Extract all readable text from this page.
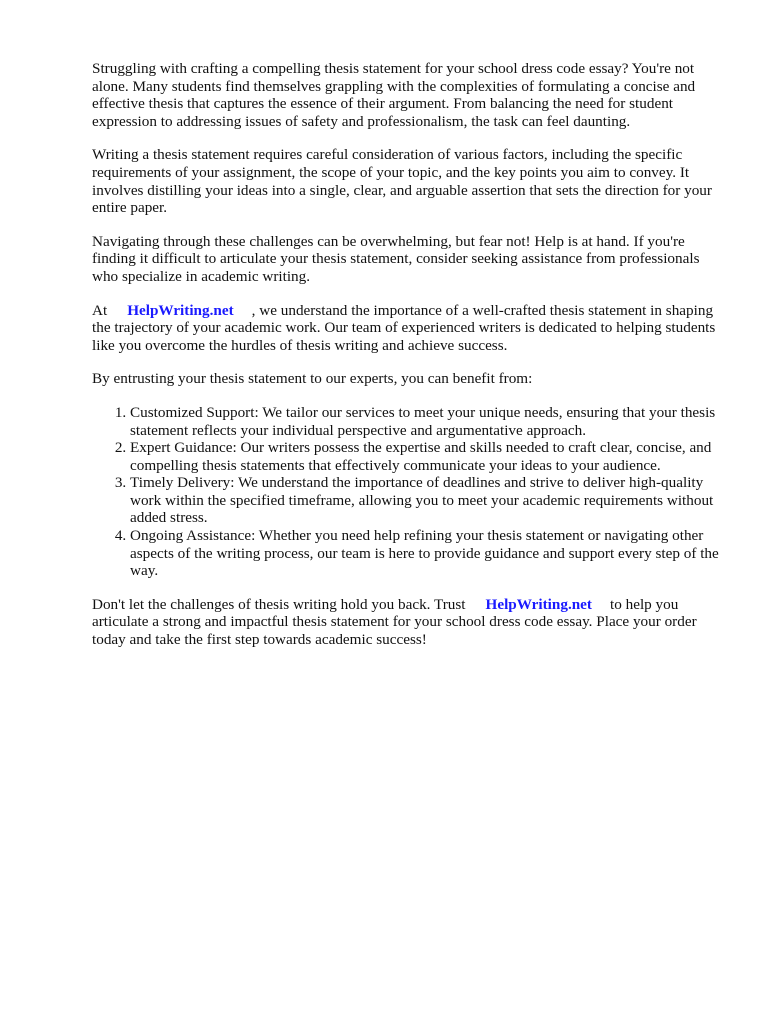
Struggling with crafting a compelling thesis statement for your school dress code essay? You're not alone. Many students find themselves grappling with the complexities of formulating a concise and effective thesis that captures the essence of their argument. From balancing the need for student expression to addressing issues of safety and professionalism, the task can feel daunting.

Writing a thesis statement requires careful consideration of various factors, including the specific requirements of your assignment, the scope of your topic, and the key points you aim to convey. It involves distilling your ideas into a single, clear, and arguable assertion that sets the direction for your entire paper.

Navigating through these challenges can be overwhelming, but fear not! Help is at hand. If you're finding it difficult to articulate your thesis statement, consider seeking assistance from professionals who specialize in academic writing.

At HelpWriting.net , we understand the importance of a well-crafted thesis statement in shaping the trajectory of your academic work. Our team of experienced writers is dedicated to helping students like you overcome the hurdles of thesis writing and achieve success.

By entrusting your thesis statement to our experts, you can benefit from:

1. Customized Support: We tailor our services to meet your unique needs, ensuring that your thesis statement reflects your individual perspective and argumentative approach.
2. Expert Guidance: Our writers possess the expertise and skills needed to craft clear, concise, and compelling thesis statements that effectively communicate your ideas to your audience.
3. Timely Delivery: We understand the importance of deadlines and strive to deliver high-quality work within the specified timeframe, allowing you to meet your academic requirements without added stress.
4. Ongoing Assistance: Whether you need help refining your thesis statement or navigating other aspects of the writing process, our team is here to provide guidance and support every step of the way.

Don't let the challenges of thesis writing hold you back. Trust HelpWriting.net to help you articulate a strong and impactful thesis statement for your school dress code essay. Place your order today and take the first step towards academic success!
